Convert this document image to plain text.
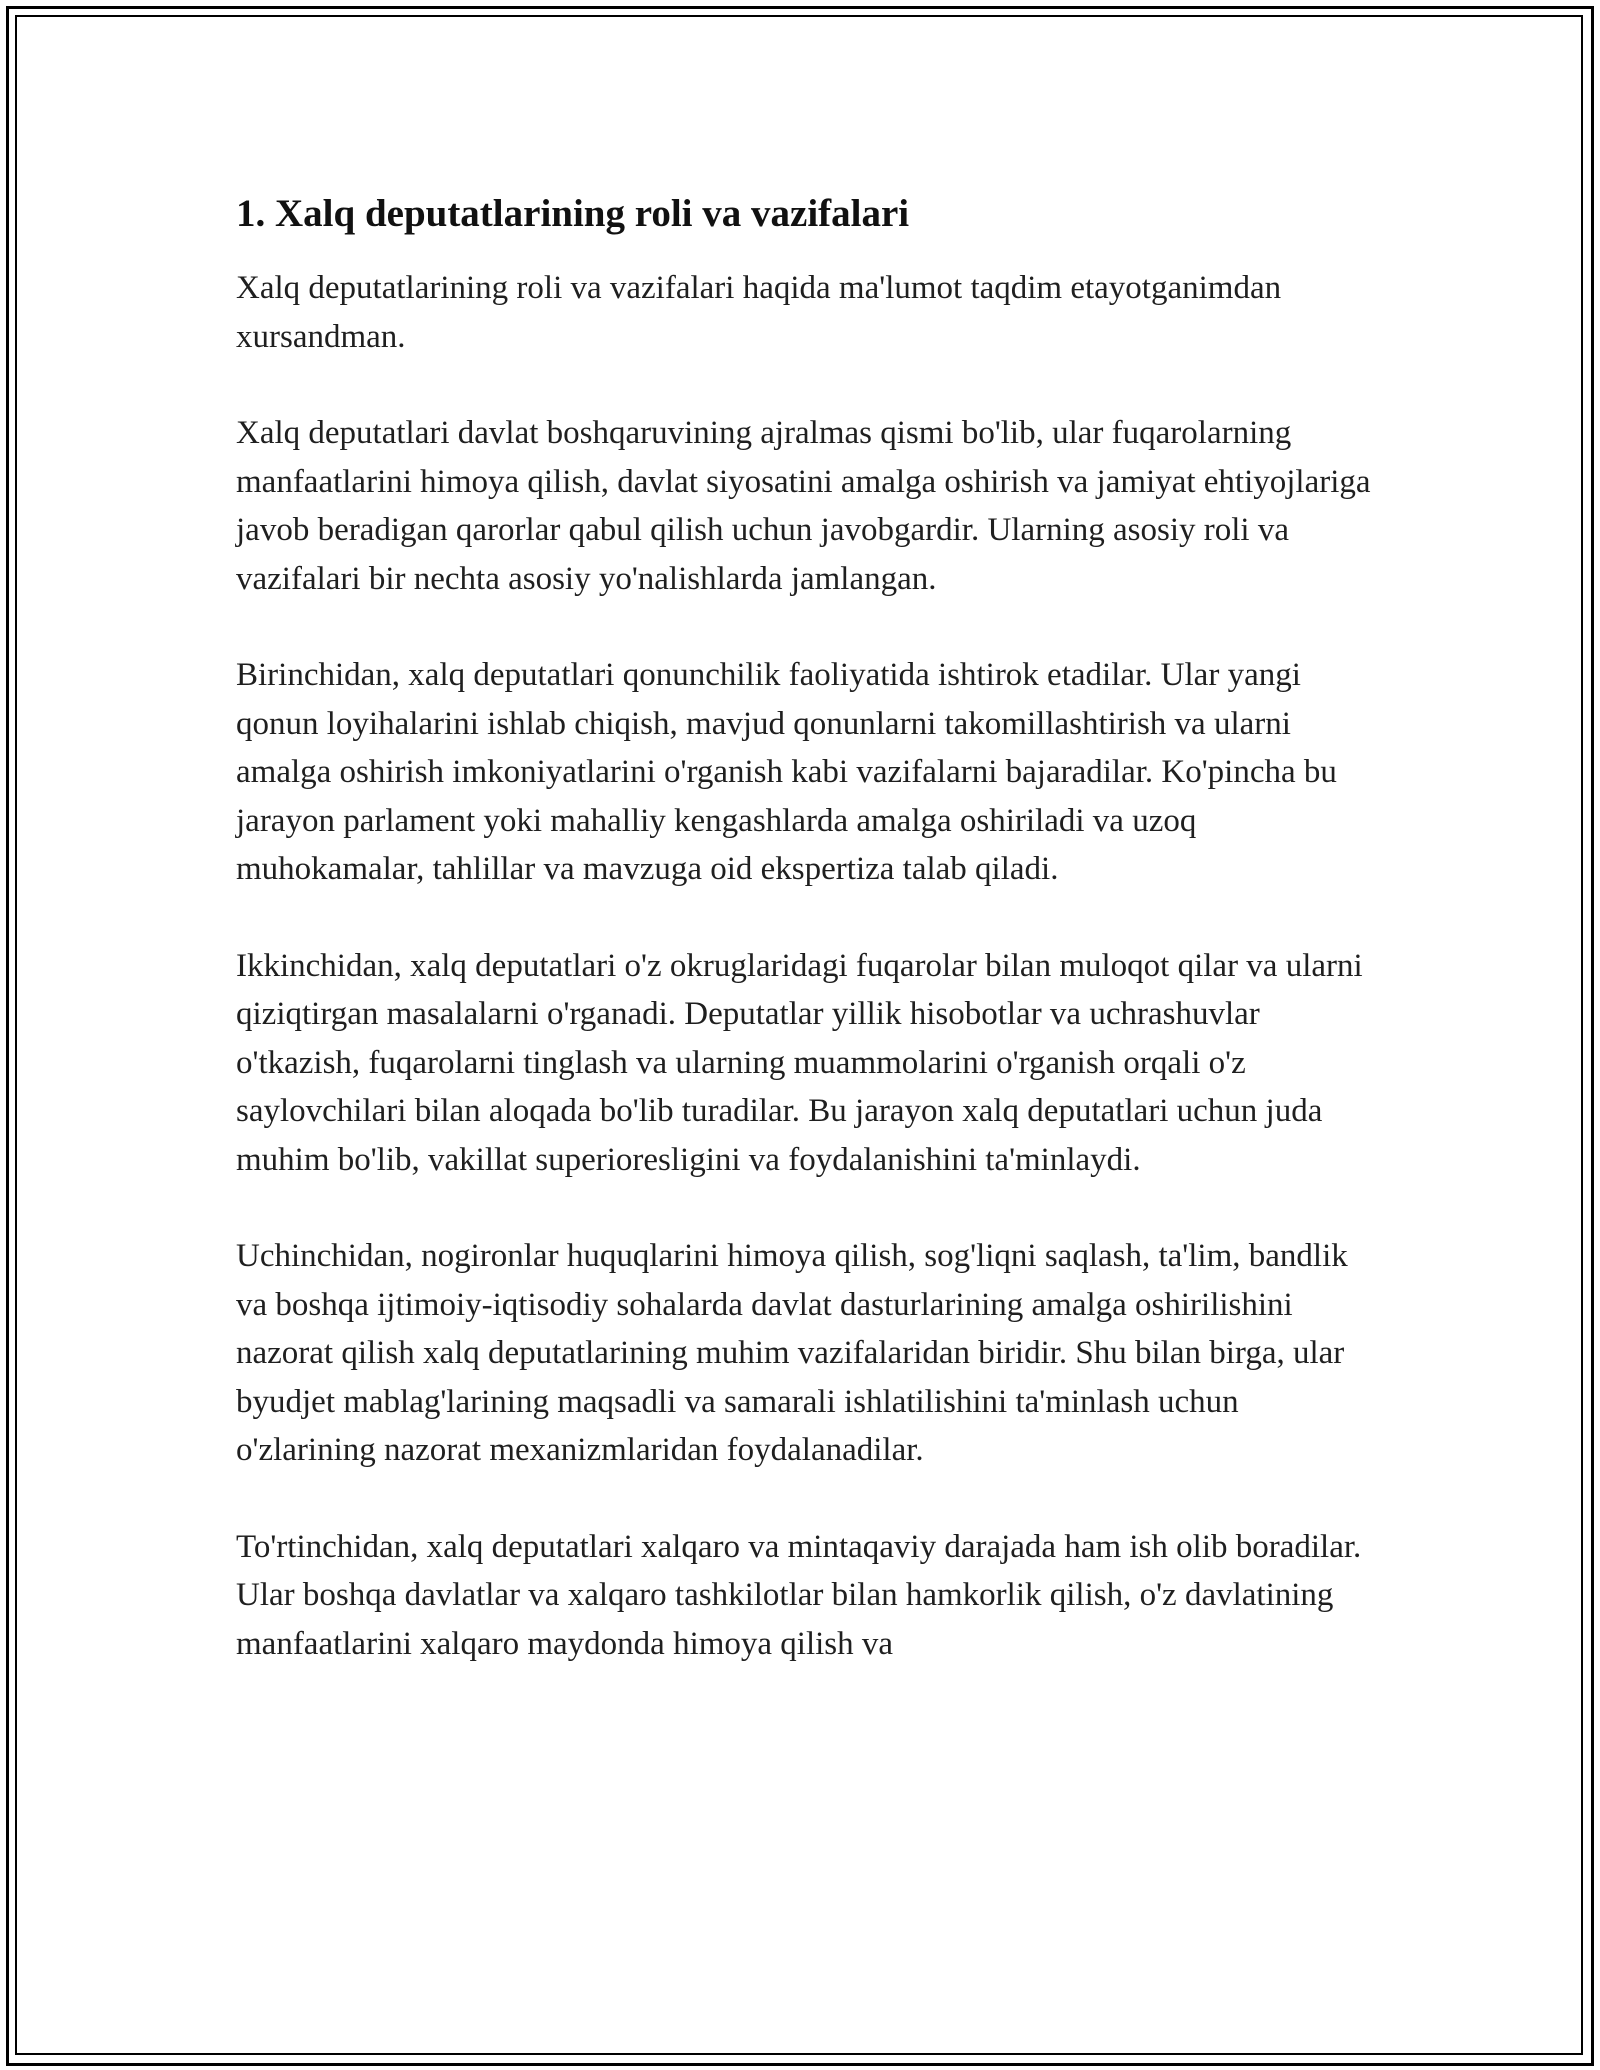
1. Xalq deputatlarining roli va vazifalari

Xalq deputatlarining roli va vazifalari haqida ma'lumot taqdim etayotganimdan xursandman.

Xalq deputatlari davlat boshqaruvining ajralmas qismi bo'lib, ular fuqarolarning manfaatlarini himoya qilish, davlat siyosatini amalga oshirish va jamiyat ehtiyojlariga javob beradigan qarorlar qabul qilish uchun javobgardir. Ularning asosiy roli va vazifalari bir nechta asosiy yo'nalishlarda jamlangan.

Birinchidan, xalq deputatlari qonunchilik faoliyatida ishtirok etadilar. Ular yangi qonun loyihalarini ishlab chiqish, mavjud qonunlarni takomillashtirish va ularni amalga oshirish imkoniyatlarini o'rganish kabi vazifalarni bajaradilar. Ko'pincha bu jarayon parlament yoki mahalliy kengashlarda amalga oshiriladi va uzoq muhokamalar, tahlillar va mavzuga oid ekspertiza talab qiladi.

Ikkinchidan, xalq deputatlari o'z okruglaridagi fuqarolar bilan muloqot qilar va ularni qiziqtirgan masalalarni o'rganadi. Deputatlar yillik hisobotlar va uchrashuvlar o'tkazish, fuqarolarni tinglash va ularning muammolarini o'rganish orqali o'z saylovchilari bilan aloqada bo'lib turadilar. Bu jarayon xalq deputatlari uchun juda muhim bo'lib, vakillat superioresligini va foydalanishini ta'minlaydi.

Uchinchidan, nogironlar huquqlarini himoya qilish, sog'liqni saqlash, ta'lim, bandlik va boshqa ijtimoiy-iqtisodiy sohalarda davlat dasturlarining amalga oshirilishini nazorat qilish xalq deputatlarining muhim vazifalaridan biridir. Shu bilan birga, ular byudjet mablag'larining maqsadli va samarali ishlatilishini ta'minlash uchun o'zlarining nazorat mexanizmlaridan foydalanadilar.

To'rtinchidan, xalq deputatlari xalqaro va mintaqaviy darajada ham ish olib boradilar. Ular boshqa davlatlar va xalqaro tashkilotlar bilan hamkorlik qilish, o'z davlatining manfaatlarini xalqaro maydonda himoya qilish va
